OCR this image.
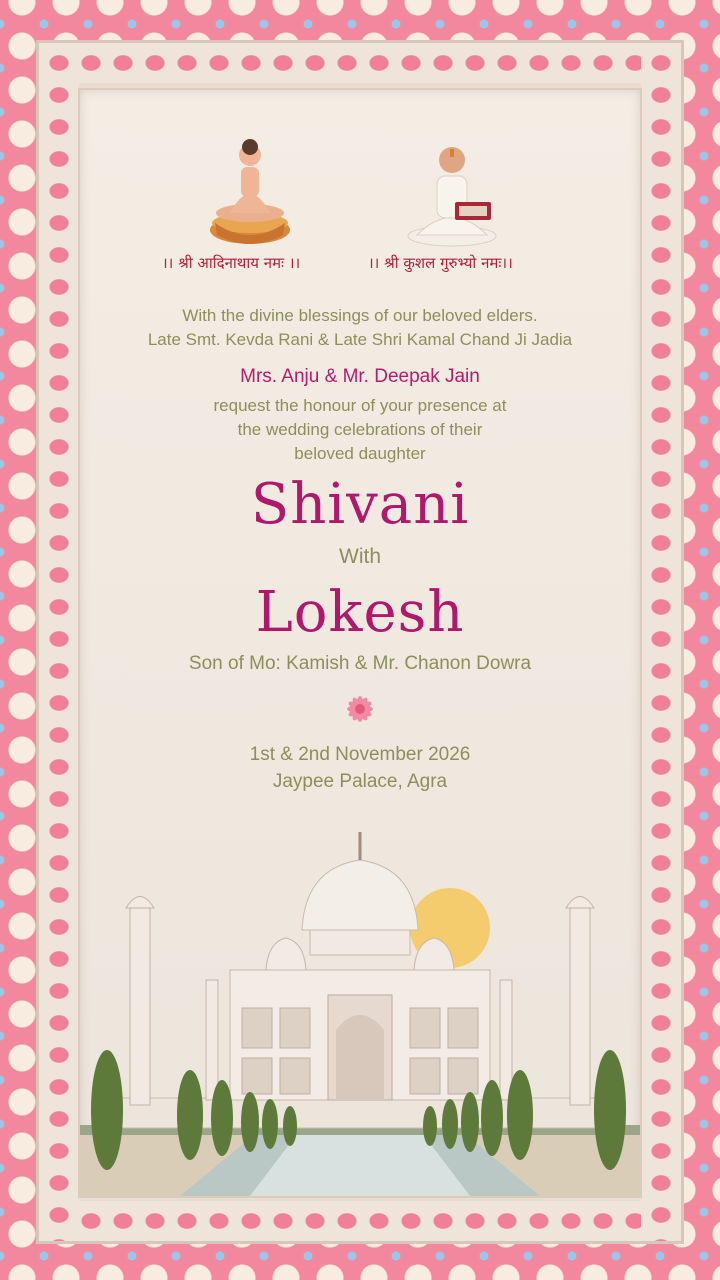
।। श्री आदिनाथाय नमः ।।	।। श्री कुशल गुरुभ्यो नमः।।
With the divine blessings of our beloved elders.
Late Smt. Kevda Rani & Late Shri Kamal Chand Ji Jadia
Mrs. Anju & Mr. Deepak Jain
request the honour of your presence at
the wedding celebrations of their
beloved daughter
Shivani
With
Lokesh
Son of Mo: Kamish & Mr. Chanon Dowra
1st & 2nd November 2026
Jaypee Palace, Agra
